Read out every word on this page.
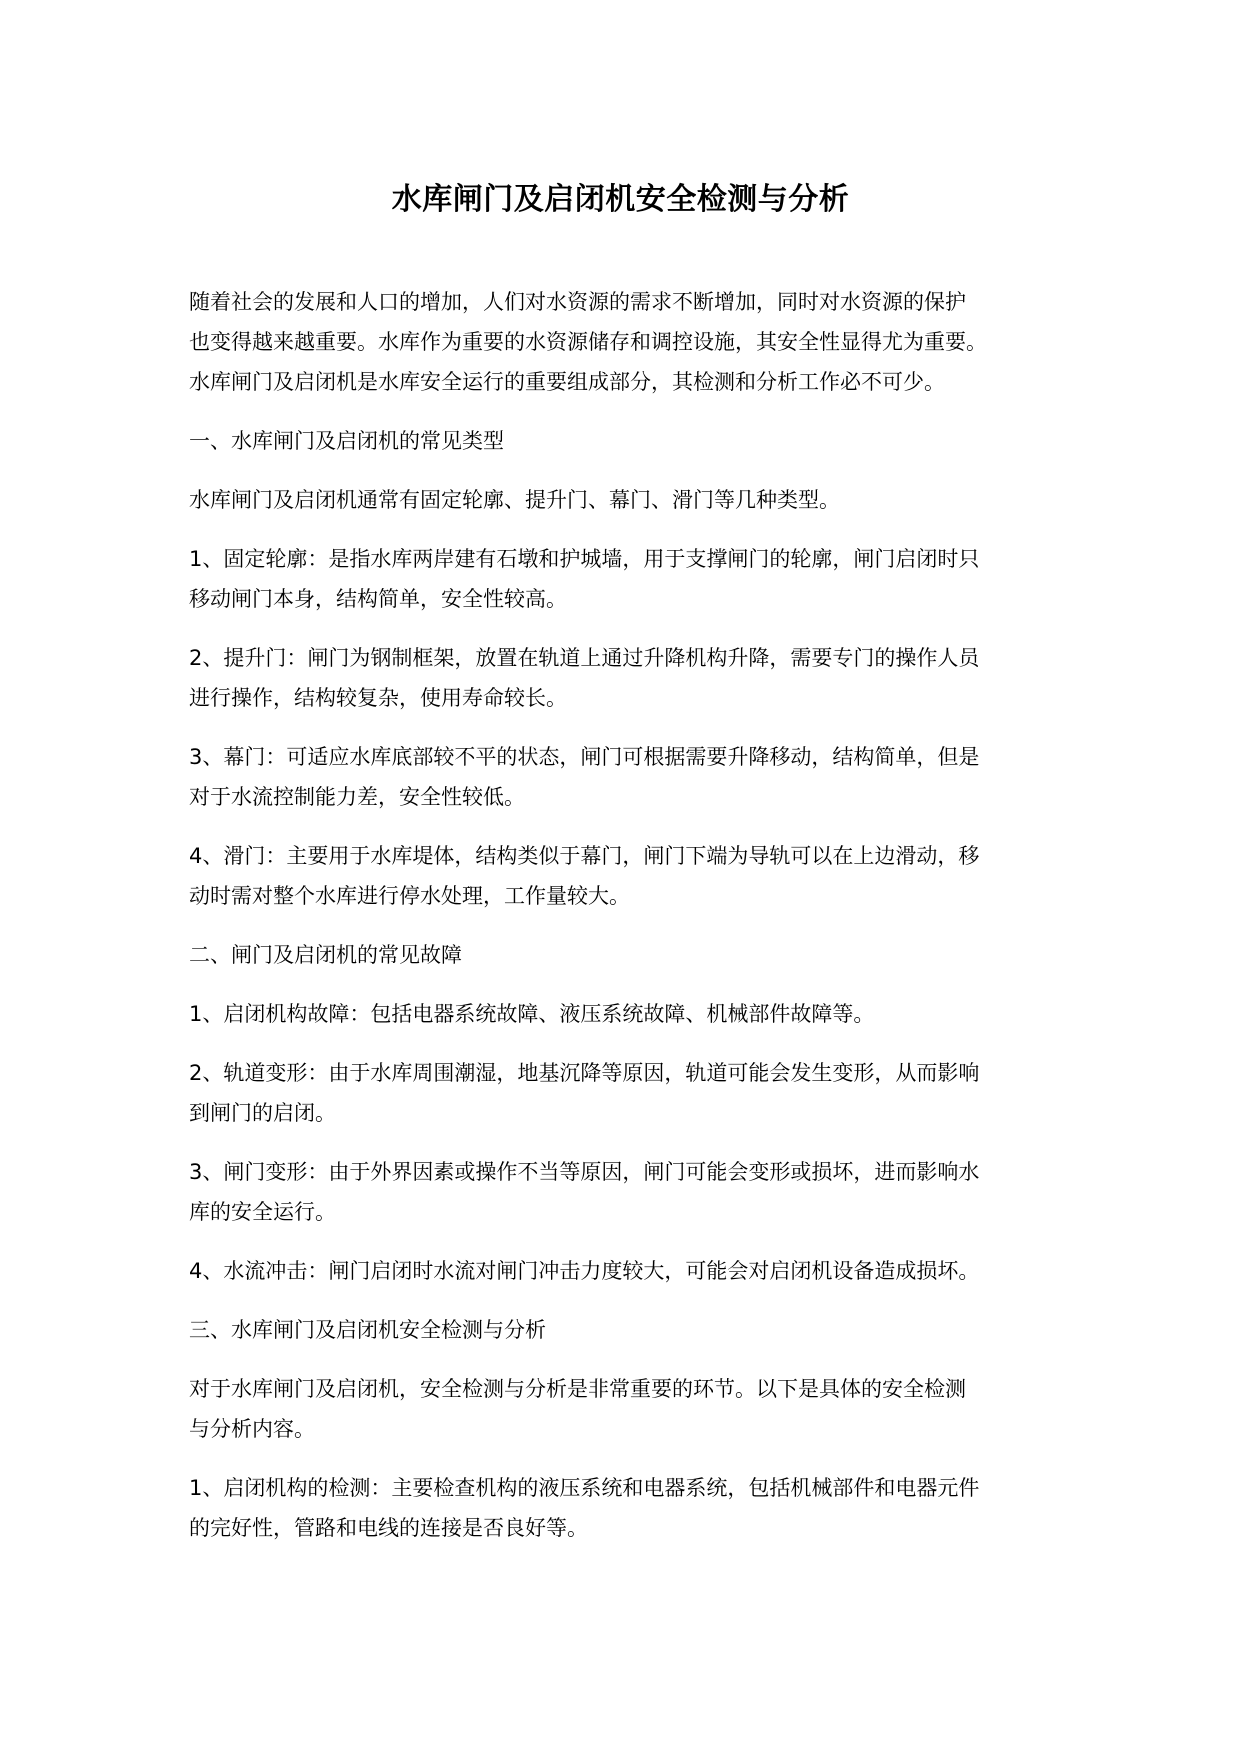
水库闸门及启闭机安全检测与分析

随着社会的发展和人口的增加，人们对水资源的需求不断增加，同时对水资源的保护
也变得越来越重要。水库作为重要的水资源储存和调控设施，其安全性显得尤为重要。
水库闸门及启闭机是水库安全运行的重要组成部分，其检测和分析工作必不可少。

一、水库闸门及启闭机的常见类型

水库闸门及启闭机通常有固定轮廓、提升门、幕门、滑门等几种类型。

1、固定轮廓：是指水库两岸建有石墩和护城墙，用于支撑闸门的轮廓，闸门启闭时只
移动闸门本身，结构简单，安全性较高。

2、提升门：闸门为钢制框架，放置在轨道上通过升降机构升降，需要专门的操作人员
进行操作，结构较复杂，使用寿命较长。

3、幕门：可适应水库底部较不平的状态，闸门可根据需要升降移动，结构简单，但是
对于水流控制能力差，安全性较低。

4、滑门：主要用于水库堤体，结构类似于幕门，闸门下端为导轨可以在上边滑动，移
动时需对整个水库进行停水处理，工作量较大。

二、闸门及启闭机的常见故障

1、启闭机构故障：包括电器系统故障、液压系统故障、机械部件故障等。

2、轨道变形：由于水库周围潮湿，地基沉降等原因，轨道可能会发生变形，从而影响
到闸门的启闭。

3、闸门变形：由于外界因素或操作不当等原因，闸门可能会变形或损坏，进而影响水
库的安全运行。

4、水流冲击：闸门启闭时水流对闸门冲击力度较大，可能会对启闭机设备造成损坏。

三、水库闸门及启闭机安全检测与分析

对于水库闸门及启闭机，安全检测与分析是非常重要的环节。以下是具体的安全检测
与分析内容。

1、启闭机构的检测：主要检查机构的液压系统和电器系统，包括机械部件和电器元件
的完好性，管路和电线的连接是否良好等。
